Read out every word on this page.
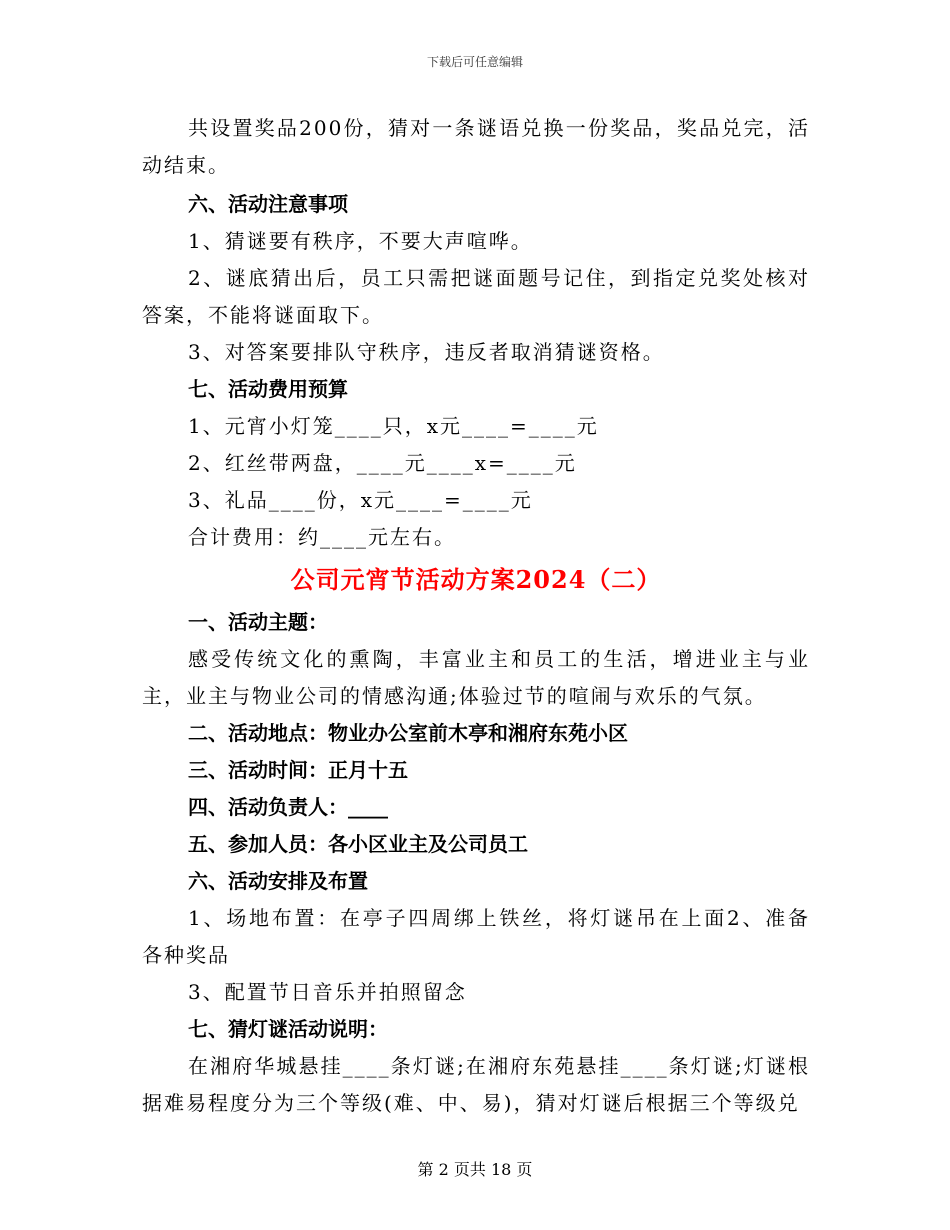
下载后可任意编辑

共设置奖品200份，猜对一条谜语兑换一份奖品，奖品兑完，活动结束。

六、活动注意事项

1、猜谜要有秩序，不要大声喧哗。

2、谜底猜出后，员工只需把谜面题号记住，到指定兑奖处核对答案，不能将谜面取下。

3、对答案要排队守秩序，违反者取消猜谜资格。

七、活动费用预算

1、元宵小灯笼____只，x元____=____元

2、红丝带两盘，____元____x=____元

3、礼品____份，x元____=____元

合计费用：约____元左右。

公司元宵节活动方案2024（二）

一、活动主题：

感受传统文化的熏陶，丰富业主和员工的生活，增进业主与业主，业主与物业公司的情感沟通;体验过节的喧闹与欢乐的气氛。

二、活动地点：物业办公室前木亭和湘府东苑小区

三、活动时间：正月十五

四、活动负责人：____

五、参加人员：各小区业主及公司员工

六、活动安排及布置

1、场地布置：在亭子四周绑上铁丝，将灯谜吊在上面2、准备各种奖品

3、配置节日音乐并拍照留念

七、猜灯谜活动说明：

在湘府华城悬挂____条灯谜;在湘府东苑悬挂____条灯谜;灯谜根据难易程度分为三个等级(难、中、易)，猜对灯谜后根据三个等级兑

第 2 页共 18 页
